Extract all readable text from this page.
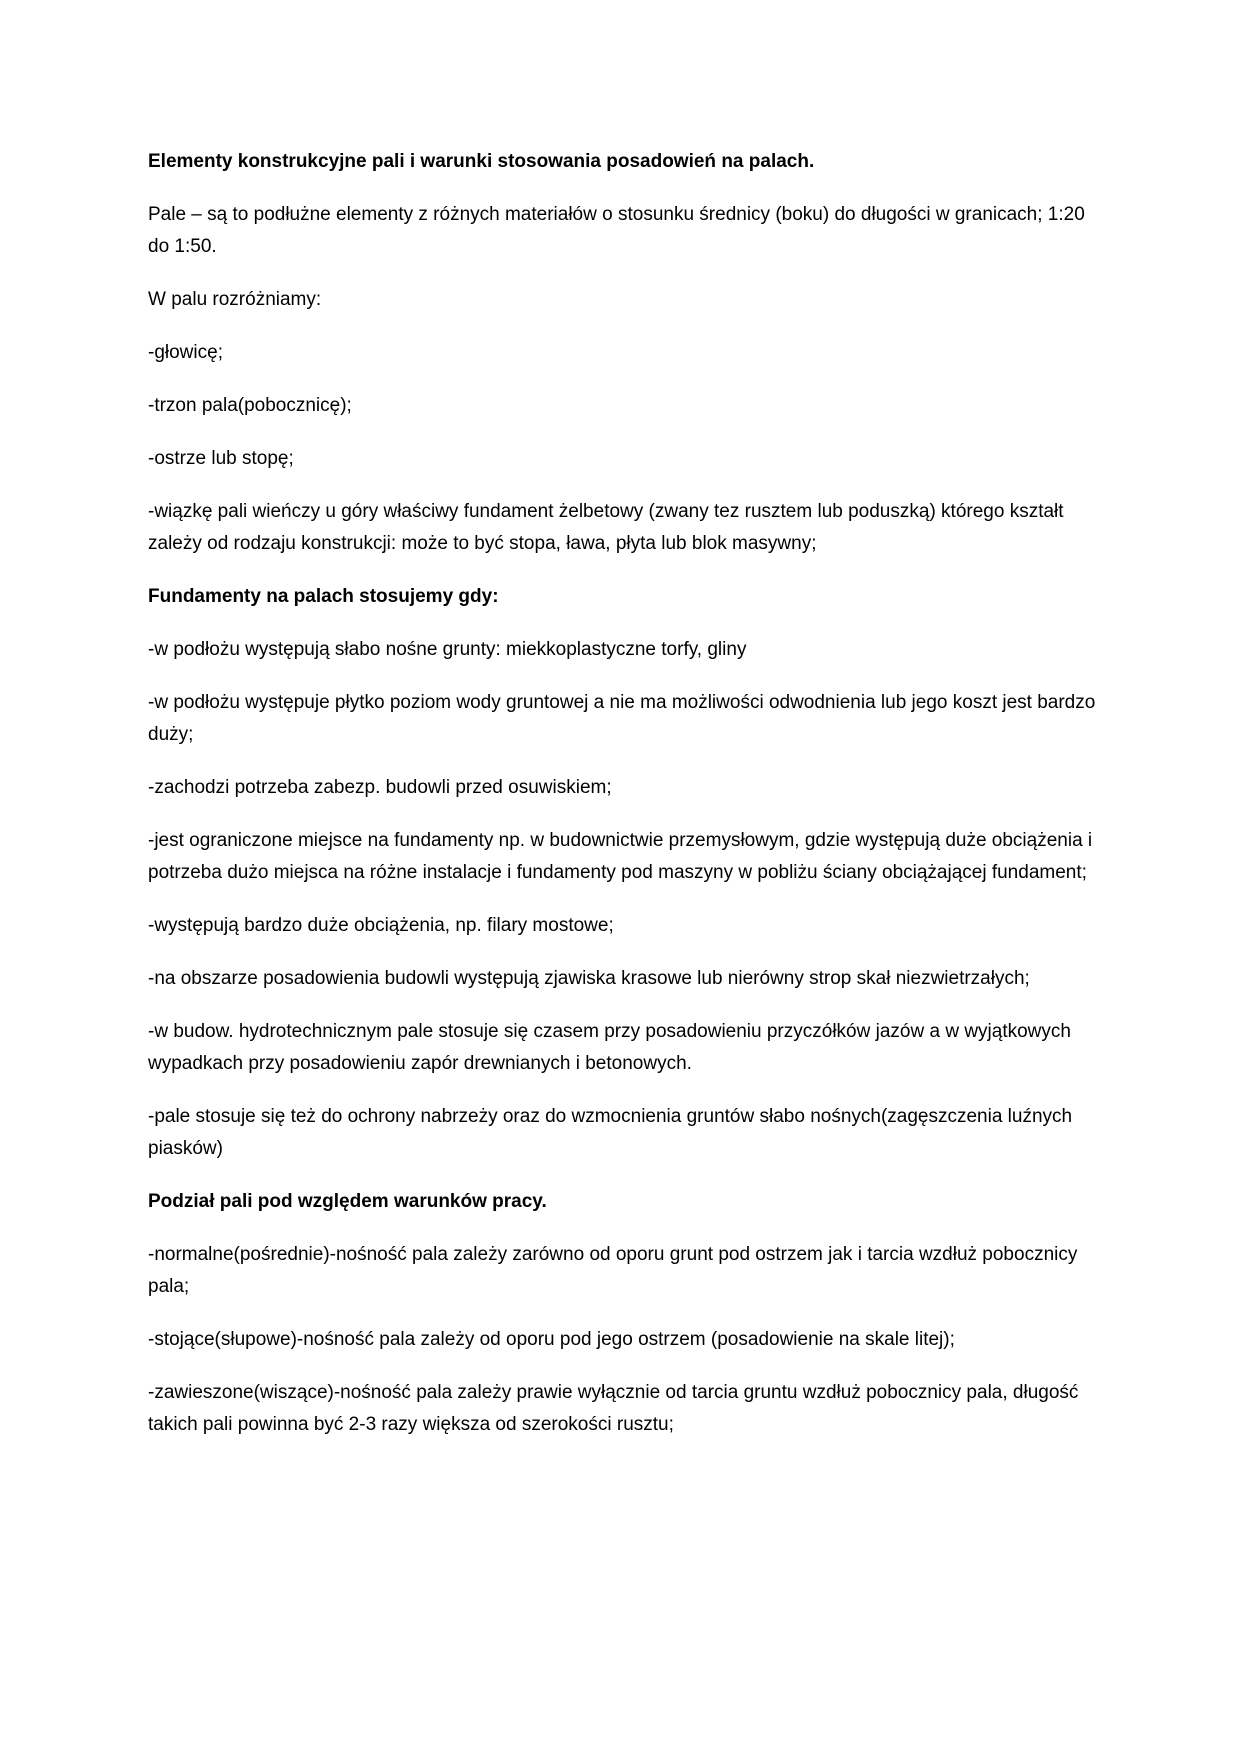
Elementy konstrukcyjne pali i warunki stosowania posadowień na palach.

Pale – są to podłużne elementy z różnych materiałów o stosunku średnicy (boku) do długości w granicach; 1:20 do 1:50.

W palu rozróżniamy:

-głowicę;

-trzon pala(pobocznicę);

-ostrze lub stopę;

-wiązkę pali wieńczy u góry właściwy fundament żelbetowy (zwany tez rusztem lub poduszką) którego kształt zależy od rodzaju konstrukcji: może to być stopa, ława, płyta lub blok masywny;

Fundamenty na palach stosujemy gdy:

-w podłożu występują słabo nośne grunty: miekkoplastyczne torfy, gliny

-w podłożu występuje płytko poziom wody gruntowej a nie ma możliwości odwodnienia lub jego koszt jest bardzo duży;

-zachodzi potrzeba zabezp. budowli przed osuwiskiem;

-jest ograniczone miejsce na fundamenty np. w budownictwie przemysłowym, gdzie występują duże obciążenia i potrzeba dużo miejsca na różne instalacje i fundamenty pod maszyny w pobliżu ściany obciążającej fundament;

-występują bardzo duże obciążenia, np. filary mostowe;

-na obszarze posadowienia budowli występują zjawiska krasowe lub nierówny strop skał niezwietrzałych;

-w budow. hydrotechnicznym pale stosuje się czasem przy posadowieniu przyczółków jazów a w wyjątkowych wypadkach przy posadowieniu zapór drewnianych i betonowych.

-pale stosuje się też do ochrony nabrzeży oraz do wzmocnienia gruntów słabo nośnych(zagęszczenia luźnych piasków)

Podział pali pod względem warunków pracy.

-normalne(pośrednie)-nośność pala zależy zarówno od oporu grunt pod ostrzem jak i tarcia wzdłuż pobocznicy pala;

-stojące(słupowe)-nośność pala zależy od oporu pod jego ostrzem (posadowienie na skale litej);

-zawieszone(wiszące)-nośność pala zależy prawie wyłącznie od tarcia gruntu wzdłuż pobocznicy pala, długość takich pali powinna być 2-3 razy większa od szerokości rusztu;
